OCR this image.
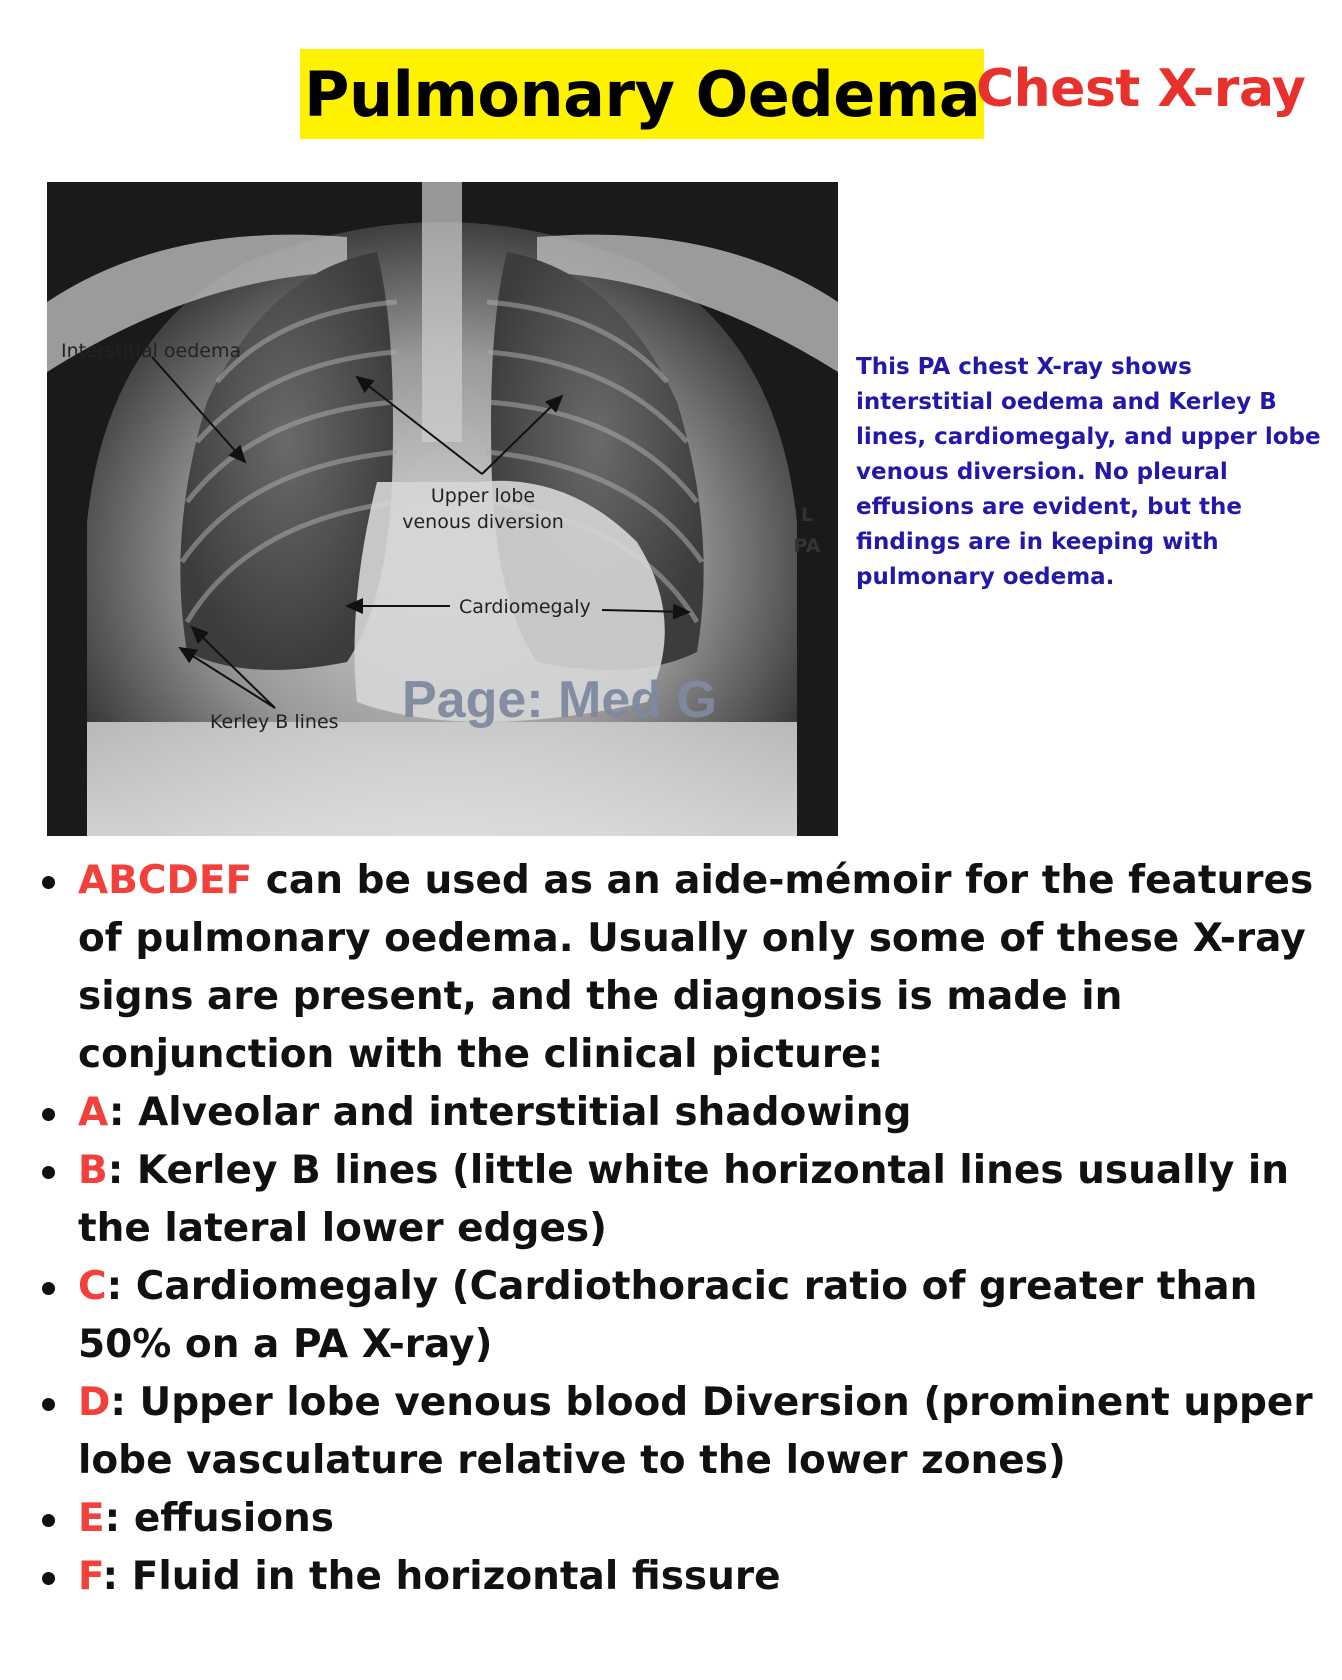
Pulmonary Oedema
Chest X-ray
Interstitial oedema
Upper lobe
venous diversion
Cardiomegaly
Kerley B lines
L
PA
Page: Med G

This PA chest X-ray shows interstitial oedema and Kerley B lines, cardiomegaly, and upper lobe venous diversion. No pleural effusions are evident, but the findings are in keeping with pulmonary oedema.

ABCDEF can be used as an aide-mémoir for the features of pulmonary oedema. Usually only some of these X-ray signs are present, and the diagnosis is made in conjunction with the clinical picture:
A: Alveolar and interstitial shadowing
B: Kerley B lines (little white horizontal lines usually in the lateral lower edges)
C: Cardiomegaly (Cardiothoracic ratio of greater than 50% on a PA X-ray)
D: Upper lobe venous blood Diversion (prominent upper lobe vasculature relative to the lower zones)
E: effusions
F: Fluid in the horizontal fissure
